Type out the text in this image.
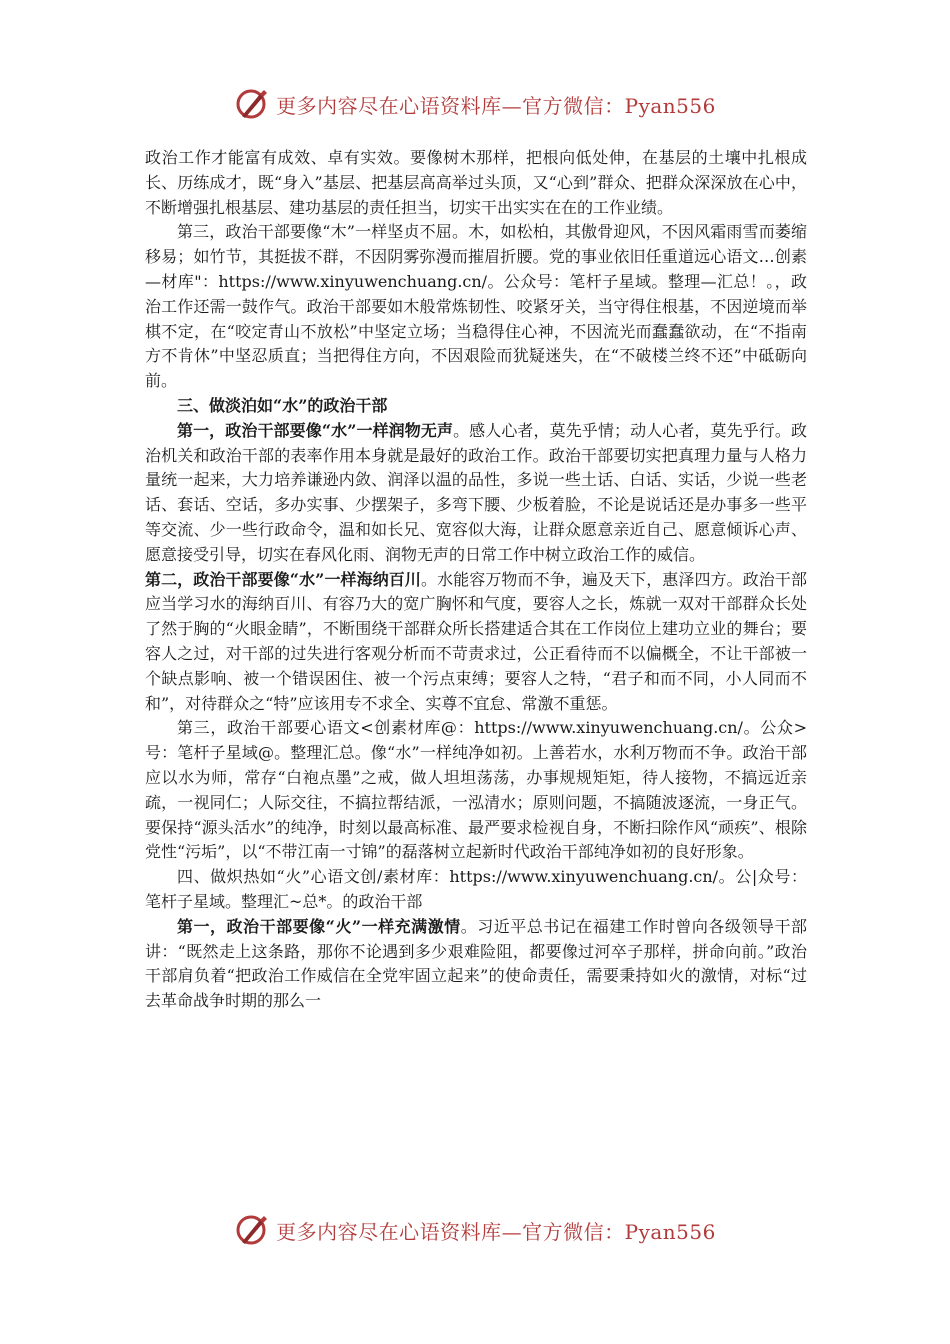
更多内容尽在心语资料库—官方微信：Pyan556

政治工作才能富有成效、卓有实效。要像树木那样，把根向低处伸，在基层的土壤中扎根成长、历练成才，既“身入”基层、把基层高高举过头顶，又“心到”群众、把群众深深放在心中，不断增强扎根基层、建功基层的责任担当，切实干出实实在在的工作业绩。

第三，政治干部要像“木”一样坚贞不屈。木，如松柏，其傲骨迎风，不因风霜雨雪而萎缩移易；如竹节，其挺拔不群，不因阴雾弥漫而摧眉折腰。党的事业依旧任重道远心语文…创素—材库"：https://www.xinyuwenchuang.cn/。公众号：笔杆子星域。整理—汇总！。，政治工作还需一鼓作气。政治干部要如木般常炼韧性、咬紧牙关，当守得住根基，不因逆境而举棋不定，在“咬定青山不放松”中坚定立场；当稳得住心神，不因流光而蠢蠢欲动，在“不指南方不肯休”中坚忍质直；当把得住方向，不因艰险而犹疑迷失，在“不破楼兰终不还”中砥砺向前。

三、做淡泊如“水”的政治干部

第一，政治干部要像“水”一样润物无声。感人心者，莫先乎情；动人心者，莫先乎行。政治机关和政治干部的表率作用本身就是最好的政治工作。政治干部要切实把真理力量与人格力量统一起来，大力培养谦逊内敛、润泽以温的品性，多说一些土话、白话、实话，少说一些老话、套话、空话，多办实事、少摆架子，多弯下腰、少板着脸，不论是说话还是办事多一些平等交流、少一些行政命令，温和如长兄、宽容似大海，让群众愿意亲近自己、愿意倾诉心声、愿意接受引导，切实在春风化雨、润物无声的日常工作中树立政治工作的威信。

第二，政治干部要像“水”一样海纳百川。水能容万物而不争，遍及天下，惠泽四方。政治干部应当学习水的海纳百川、有容乃大的宽广胸怀和气度，要容人之长，炼就一双对干部群众长处了然于胸的“火眼金睛”，不断围绕干部群众所长搭建适合其在工作岗位上建功立业的舞台；要容人之过，对干部的过失进行客观分析而不苛责求过，公正看待而不以偏概全，不让干部被一个缺点影响、被一个错误困住、被一个污点束缚；要容人之特，“君子和而不同，小人同而不和”，对待群众之“特”应该用专不求全、实尊不宜怠、常激不重惩。

第三，政治干部要心语文<创素材库@：https://www.xinyuwenchuang.cn/。公众>号：笔杆子星域@。整理汇总。像“水”一样纯净如初。上善若水，水利万物而不争。政治干部应以水为师，常存“白袍点墨”之戒，做人坦坦荡荡，办事规规矩矩，待人接物，不搞远近亲疏，一视同仁；人际交往，不搞拉帮结派，一泓清水；原则问题，不搞随波逐流，一身正气。要保持“源头活水”的纯净，时刻以最高标准、最严要求检视自身，不断扫除作风“顽疾”、根除党性“污垢”，以“不带江南一寸锦”的磊落树立起新时代政治干部纯净如初的良好形象。

四、做炽热如“火”心语文创/素材库：https://www.xinyuwenchuang.cn/。公|众号：笔杆子星域。整理汇~总*。的政治干部

第一，政治干部要像“火”一样充满激情。习近平总书记在福建工作时曾向各级领导干部讲：“既然走上这条路，那你不论遇到多少艰难险阻，都要像过河卒子那样，拼命向前。”政治干部肩负着“把政治工作威信在全党牢固立起来”的使命责任，需要秉持如火的激情，对标“过去革命战争时期的那么一

更多内容尽在心语资料库—官方微信：Pyan556
